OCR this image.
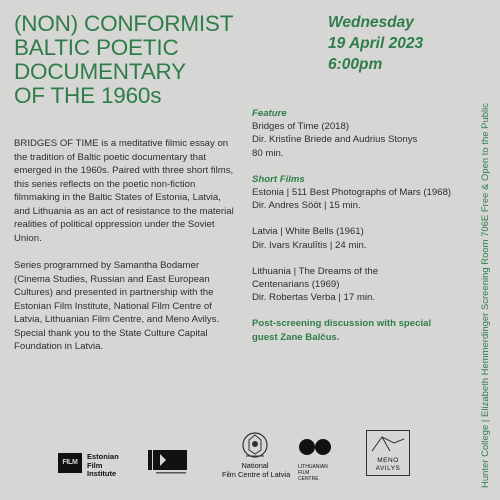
(NON) CONFORMIST
BALTIC POETIC
DOCUMENTARY
OF THE 1960s
Wednesday
19 April 2023
6:00pm

BRIDGES OF TIME is a meditative filmic essay on the tradition of Baltic poetic documentary that emerged in the 1960s. Paired with three short films, this series reflects on the poetic non-fiction filmmaking in the Baltic States of Estonia, Latvia, and Lithuania as an act of resistance to the material realities of political oppression under the Soviet Union.

Series programmed by Samantha Bodamer (Cinema Studies, Russian and East European Cultures) and presented in partnership with the Estonian Film Institute, National Film Centre of Latvia, Lithuanian Film Centre, and Meno Avilys. Special thank you to the State Culture Capital Foundation in Latvia.

Feature

Bridges of Time (2018)

Dir. Kristīne Briede and Audrius Stonys

80 min.

Short Films

Estonia | 511 Best Photographs of Mars (1968)

Dir. Andres Sööt | 15 min.

Latvia | White Bells (1961)

Dir. Ivars Kraulītis | 24 min.

Lithuania | The Dreams of the

Centenarians (1969)

Dir. Robertas Verba | 17 min.

Post-screening discussion with special
guest Zane Balčus.	Hunter College | Elizabeth Hemmerdinger Screening Room 706E Free & Open to the Public
FILM
Estonian
Film
Institute
National
Film Centre of Latvia
LITHUANIAN
FILM
CENTRE
MENO
AVILYS
